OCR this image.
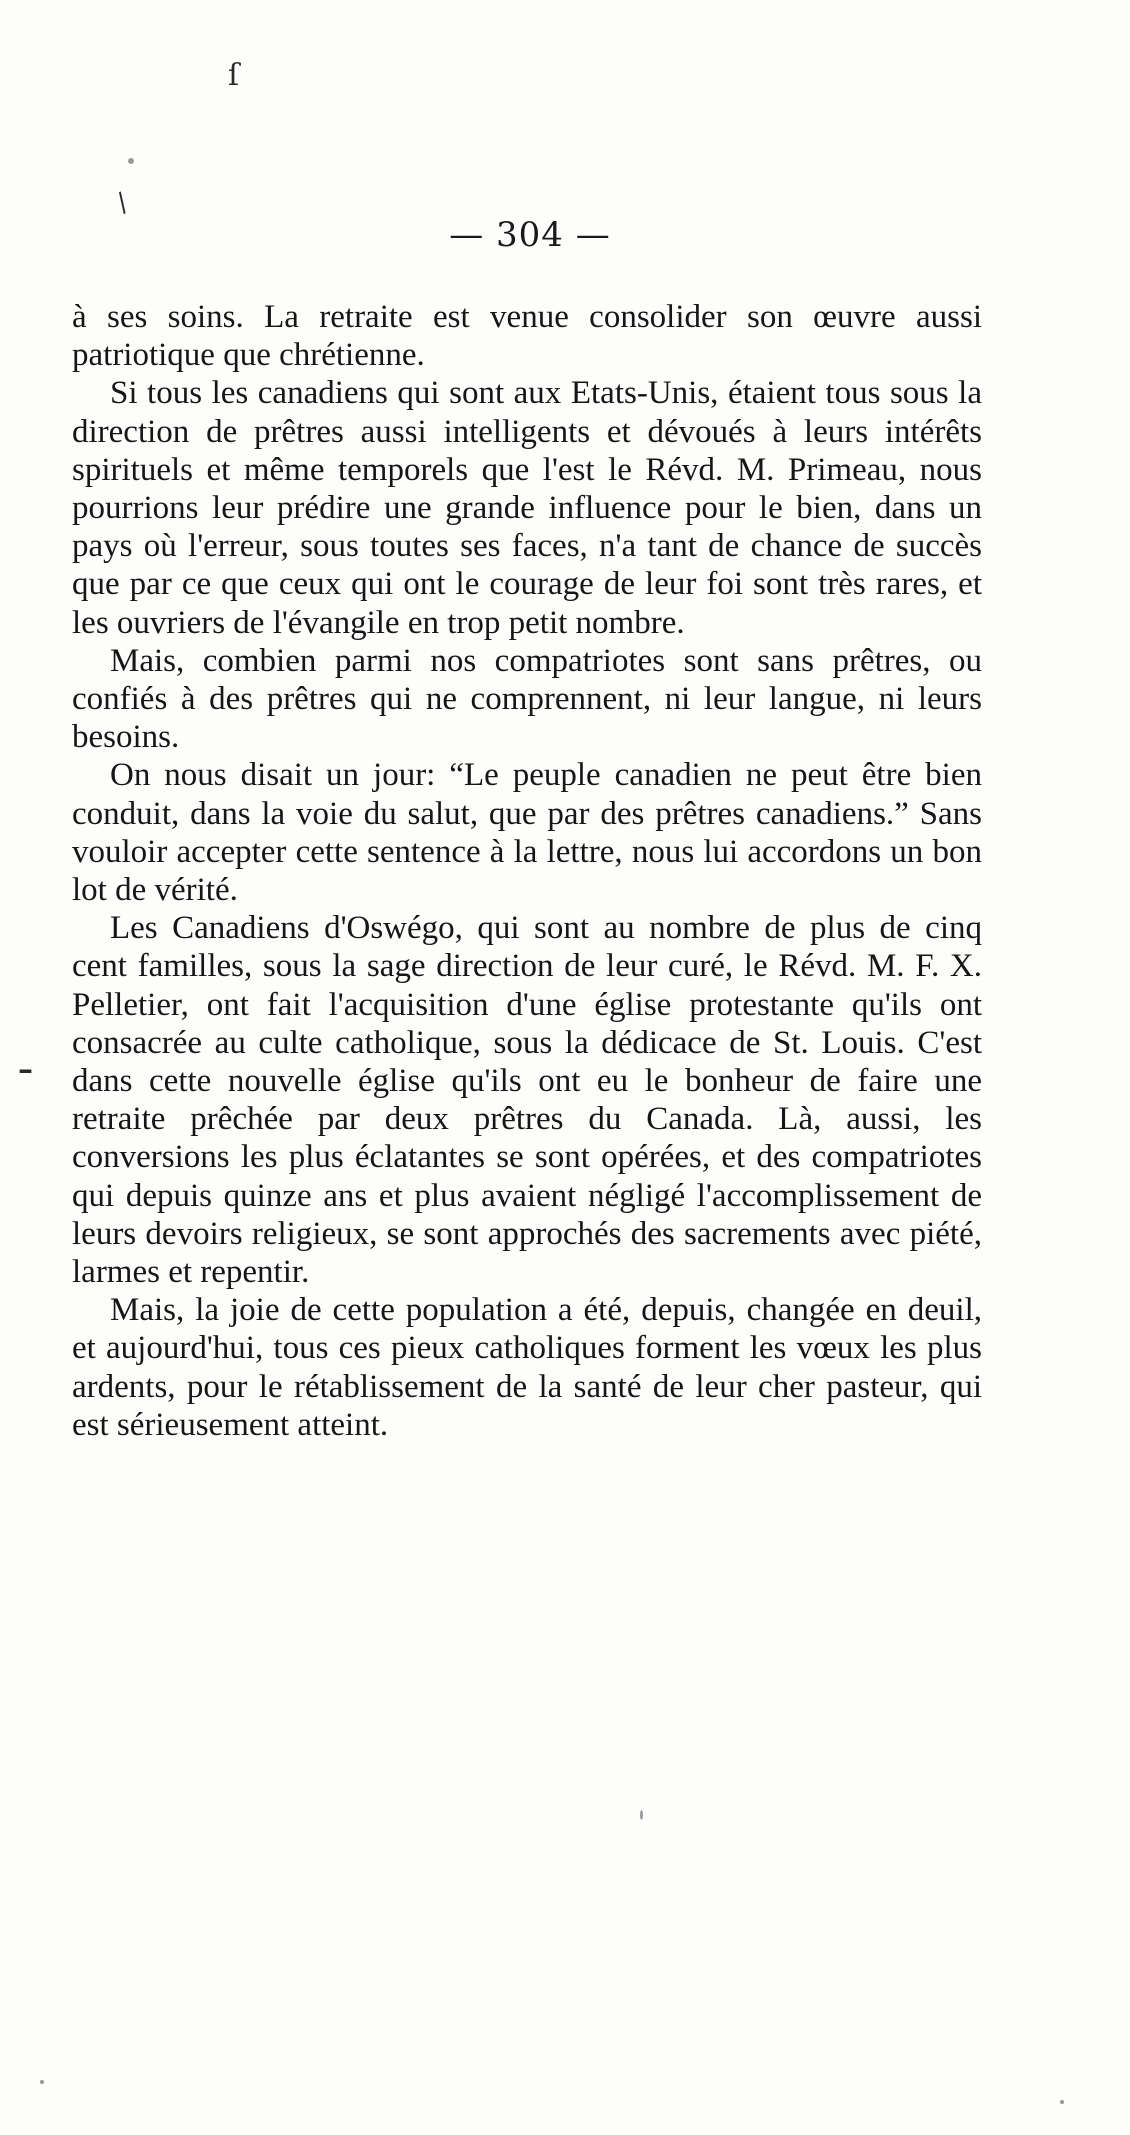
ſ
/
–
— 304 —

à ses soins. La retraite est venue consolider son œuvre aussi patriotique que chrétienne.

Si tous les canadiens qui sont aux Etats-Unis, étaient tous sous la direction de prêtres aussi intelligents et dévoués à leurs intérêts spirituels et même temporels que l'est le Révd. M. Primeau, nous pourrions leur prédire une grande influence pour le bien, dans un pays où l'erreur, sous toutes ses faces, n'a tant de chance de succès que par ce que ceux qui ont le courage de leur foi sont très rares, et les ouvriers de l'évangile en trop petit nombre.

Mais, combien parmi nos compatriotes sont sans prêtres, ou confiés à des prêtres qui ne comprennent, ni leur langue, ni leurs besoins.

On nous disait un jour: “Le peuple canadien ne peut être bien conduit, dans la voie du salut, que par des prêtres canadiens.” Sans vouloir accepter cette sentence à la lettre, nous lui accordons un bon lot de vérité.

Les Canadiens d'Oswégo, qui sont au nombre de plus de cinq cent familles, sous la sage direction de leur curé, le Révd. M. F. X. Pelletier, ont fait l'acquisition d'une église protestante qu'ils ont consacrée au culte catholique, sous la dédicace de St. Louis. C'est dans cette nouvelle église qu'ils ont eu le bonheur de faire une retraite prêchée par deux prêtres du Canada. Là, aussi, les conversions les plus éclatantes se sont opérées, et des compatriotes qui depuis quinze ans et plus avaient négligé l'accomplissement de leurs devoirs religieux, se sont approchés des sacrements avec piété, larmes et repentir.

Mais, la joie de cette population a été, depuis, changée en deuil, et aujourd'hui, tous ces pieux catholiques forment les vœux les plus ardents, pour le rétablissement de la santé de leur cher pasteur, qui est sérieusement atteint.
